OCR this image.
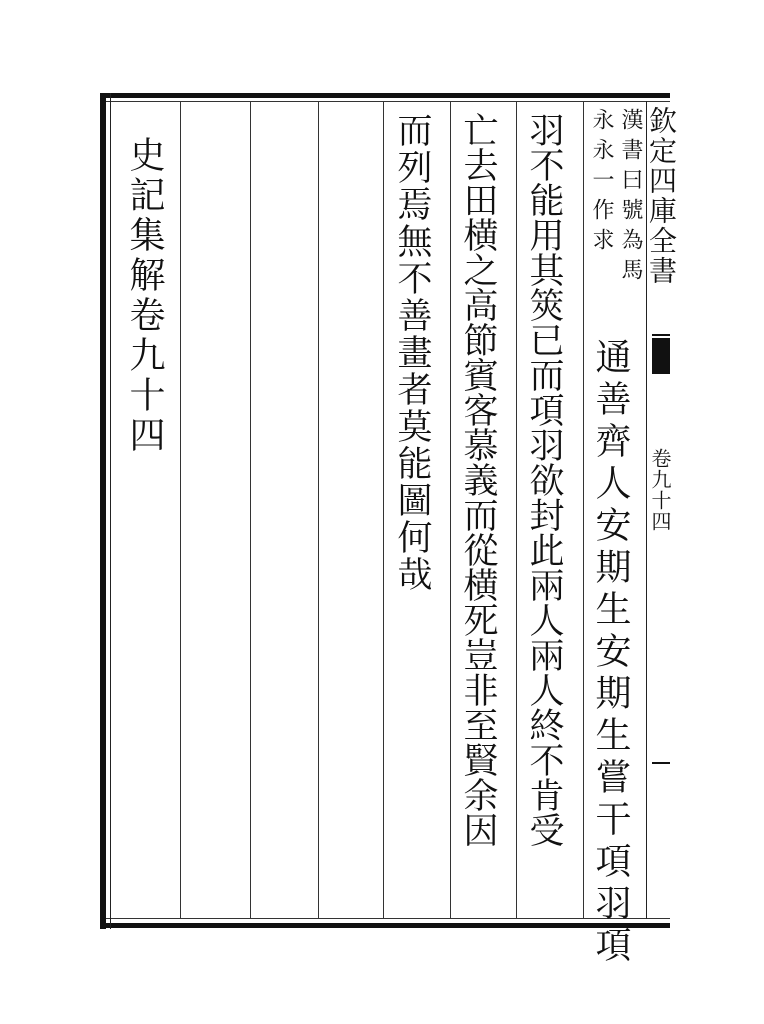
欽定四庫全書
卷九十四
漢書曰號為馬
永永一作求
通善齊人安期生安期生嘗干項羽項
羽不能用其筴已而項羽欲封此兩人兩人終不肯受
亡去田横之高節賓客慕義而從横死豈非至賢余因
而列焉無不善畫者莫能圖何哉
史記集解卷九十四
